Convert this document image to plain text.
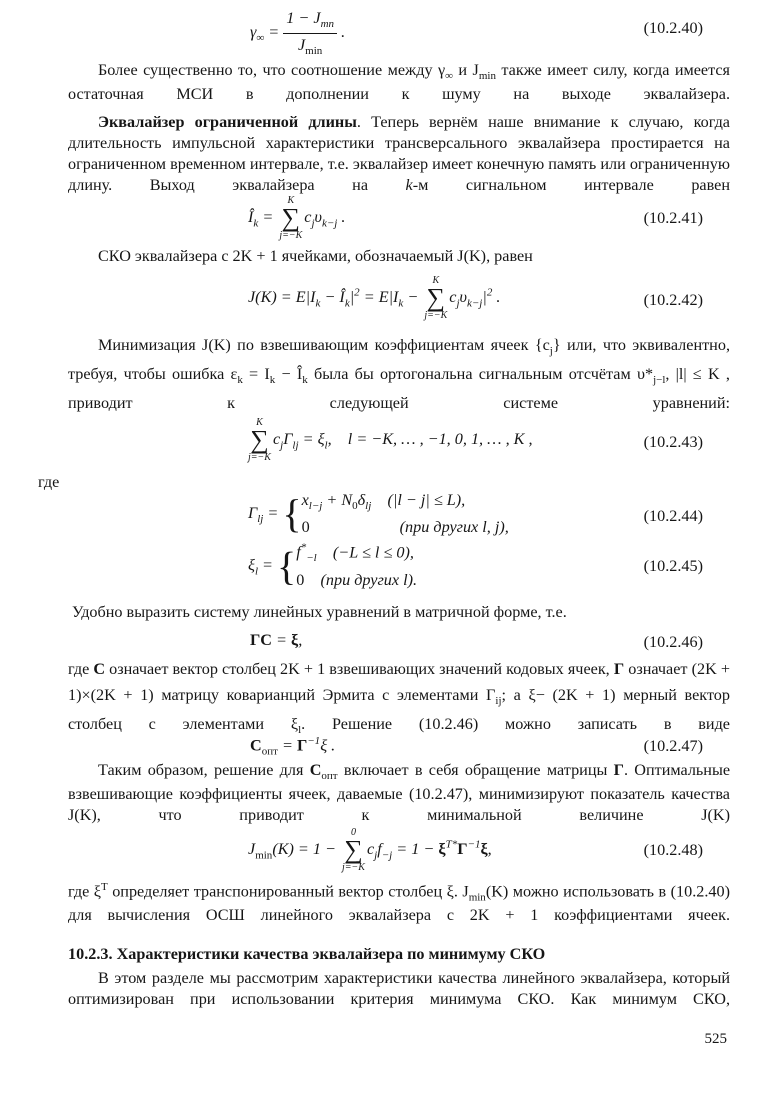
$\gamma_\infty = \frac{1 - J_{mn}}{J_{min}}$ .	(10.2.40)
Более существенно то, что соотношение между $\gamma_\infty$ и $J_{min}$ также имеет силу, когда имеется остаточная МСИ в дополнении к шуму на выходе эквалайзера.
Эквалайзер ограниченной длины. Теперь вернём наше внимание к случаю, когда длительность импульсной характеристики трансверсального эквалайзера простирается на ограниченном временном интервале, т.е. эквалайзер имеет конечную память или ограниченную длину. Выход эквалайзера на k-м сигнальном интервале равен
$Î_k$ =
K
∑
j=−K
$c_j\upsilon_{k-j}$ .	(10.2.41)
СКО эквалайзера с 2K + 1 ячейками, обозначаемый J(K), равен
$J(K) = E|I_k$ − $Î_k|^2 = E|I_k$ −
K
∑
j=−K
$c_j\upsilon_{k-j}|^2$ .	(10.2.42)
Минимизация J(K) по взвешивающим коэффициентам ячеек $\{c_j\}$ или, что эквивалентно, требуя, чтобы ошибка $\varepsilon_k = I_k$ − $Î_k$ была бы ортогональна сигнальным отсчётам $\upsilon*_{j-l}$, |l| ≤ K , приводит к следующей системе уравнений:
K
∑
j=−K
$c_j\Gamma_{lj} = \xi_l$,    l = −K, … , −1, 0, 1, … , K ,	(10.2.43)
где
$\Gamma_{lj} = \{x_{l-j} + N_0\delta_{lj}$ (|l − j| ≤ L),
0	(при других l, j),
(10.2.44)
$\xi_l = \{f^*_{-l}$ (−L ≤ l ≤ 0),
0 (при других l).
(10.2.45)
Удобно выразить систему линейных уравнений в матричной форме, т.е.
ΓC = ξ,	(10.2.46)
где C означает вектор столбец 2K + 1 взвешивающих значений кодовых ячеек, Γ означает (2K + 1)×(2K + 1) матрицу коварианций Эрмита с элементами $\Gamma_{ij}$; а ξ− (2K + 1) мерный вектор столбец с элементами $\xi_l$. Решение (10.2.46) можно записать в виде
$C_{опт} = \Gamma^{-1}\xi$ .	(10.2.47)
Таким образом, решение для $C_{опт}$ включает в себя обращение матрицы Γ. Оптимальные взвешивающие коэффициенты ячеек, даваемые (10.2.47), минимизируют показатель качества J(K), что приводит к минимальной величине J(K)
$J_{min}(K) = 1$ −
0
∑
j=−K
$c_jf_{-j} = 1 - \xi^{T*}\Gamma^{-1}\xi$,	(10.2.48)
где $\xi^T$ определяет транспонированный вектор столбец ξ. $J_{min}(K)$ можно использовать в (10.2.40) для вычисления ОСШ линейного эквалайзера с 2K + 1 коэффициентами ячеек.
10.2.3. Характеристики качества эквалайзера по минимуму СКО
В этом разделе мы рассмотрим характеристики качества линейного эквалайзера, который оптимизирован при использовании критерия минимума СКО. Как минимум СКО,
525
